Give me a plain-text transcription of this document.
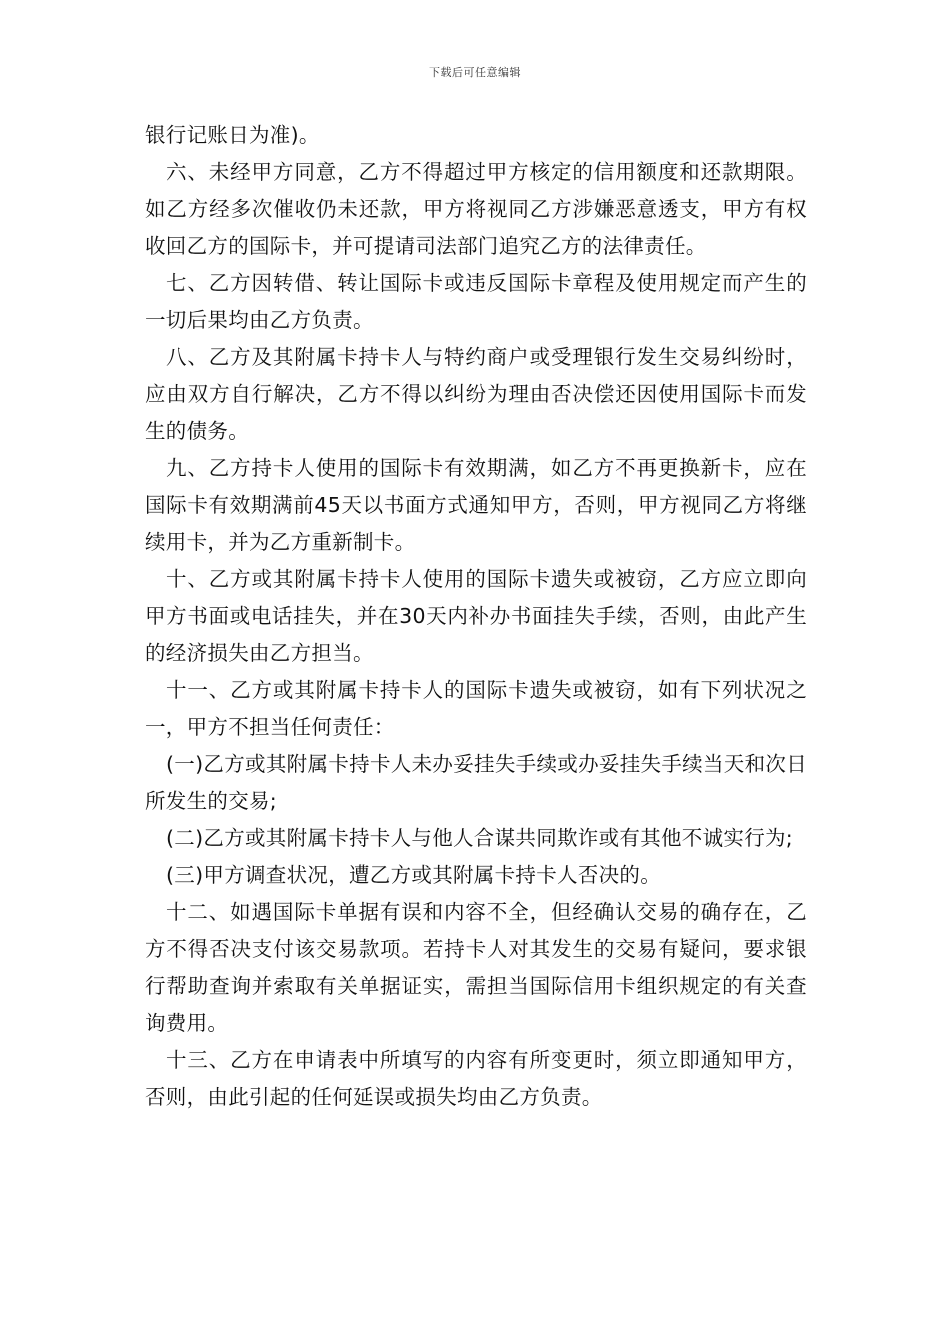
下载后可任意编辑

银行记账日为准)。

六、未经甲方同意，乙方不得超过甲方核定的信用额度和还款期限。如乙方经多次催收仍未还款，甲方将视同乙方涉嫌恶意透支，甲方有权收回乙方的国际卡，并可提请司法部门追究乙方的法律责任。

七、乙方因转借、转让国际卡或违反国际卡章程及使用规定而产生的一切后果均由乙方负责。

八、乙方及其附属卡持卡人与特约商户或受理银行发生交易纠纷时，应由双方自行解决，乙方不得以纠纷为理由否决偿还因使用国际卡而发生的债务。

九、乙方持卡人使用的国际卡有效期满，如乙方不再更换新卡，应在国际卡有效期满前45天以书面方式通知甲方，否则，甲方视同乙方将继续用卡，并为乙方重新制卡。

十、乙方或其附属卡持卡人使用的国际卡遗失或被窃，乙方应立即向甲方书面或电话挂失，并在30天内补办书面挂失手续，否则，由此产生的经济损失由乙方担当。

十一、乙方或其附属卡持卡人的国际卡遗失或被窃，如有下列状况之一，甲方不担当任何责任：

(一)乙方或其附属卡持卡人未办妥挂失手续或办妥挂失手续当天和次日所发生的交易;

(二)乙方或其附属卡持卡人与他人合谋共同欺诈或有其他不诚实行为;

(三)甲方调查状况，遭乙方或其附属卡持卡人否决的。

十二、如遇国际卡单据有误和内容不全，但经确认交易的确存在，乙方不得否决支付该交易款项。若持卡人对其发生的交易有疑问，要求银行帮助查询并索取有关单据证实，需担当国际信用卡组织规定的有关查询费用。

十三、乙方在申请表中所填写的内容有所变更时，须立即通知甲方，否则，由此引起的任何延误或损失均由乙方负责。
